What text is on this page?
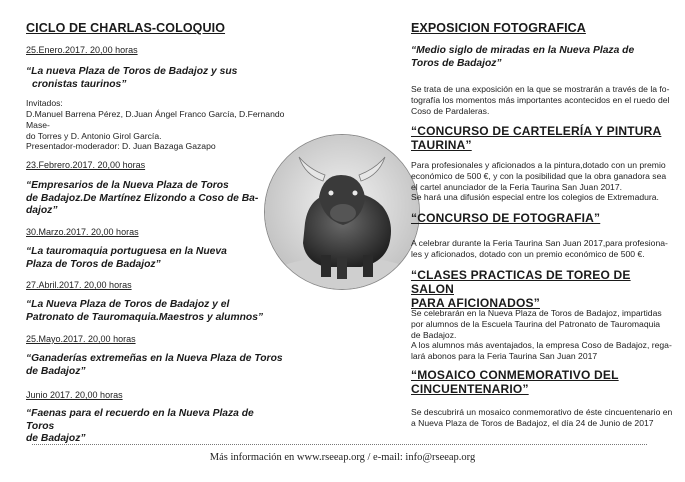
CICLO DE CHARLAS-COLOQUIO
25.Enero.2017. 20,00 horas
“La nueva Plaza de Toros de Badajoz y sus
cronistas taurinos”
Invitados:
D.Manuel Barrena Pérez, D.Juan Ángel Franco García, D.Fernando Mase-
do Torres y D. Antonio Girol García.
Presentador-moderador: D. Juan Bazaga Gazapo
23.Febrero.2017. 20,00 horas
“Empresarios de la Nueva Plaza de Toros
de Badajoz.De Martínez Elizondo a Coso de Ba-
dajoz”
30.Marzo.2017. 20,00 horas
“La tauromaquia portuguesa en la Nueva
Plaza de Toros de Badajoz”
27.Abril.2017. 20,00 horas
“La Nueva Plaza de Toros de Badajoz y el
Patronato de Tauromaquia.Maestros y alumnos”
25.Mayo.2017. 20,00 horas
“Ganaderías extremeñas en la Nueva Plaza de Toros
de Badajoz”
Junio 2017. 20,00 horas
“Faenas para el recuerdo en la Nueva Plaza de Toros
de Badajoz”
EXPOSICION FOTOGRAFICA
“Medio siglo de miradas en la Nueva Plaza de
Toros de Badajoz”
Se trata de una exposición en la que se mostrarán a través de la fo-
tografía los momentos más importantes acontecidos en el ruedo del
Coso de Pardaleras.
“CONCURSO DE CARTELERÍA Y PINTURA
TAURINA”
Para profesionales y aficionados a la pintura,dotado con un premio
económico de 500 €, y con la posibilidad que la obra ganadora sea
el cartel anunciador de la Feria Taurina San Juan 2017.
Se hará una difusión especial entre los colegios de Extremadura.
“CONCURSO DE FOTOGRAFIA”
A celebrar durante la Feria Taurina San Juan 2017,para profesiona-
les y aficionados, dotado con un premio económico de 500 €.
“CLASES PRACTICAS DE TOREO DE SALON
PARA AFICIONADOS”
Se celebrarán en la Nueva Plaza de Toros de Badajoz, impartidas
por alumnos de la Escuela Taurina del Patronato de Tauromaquia
de Badajoz.
A los alumnos más aventajados, la empresa Coso de Badajoz, rega-
lará abonos para la Feria Taurina San Juan 2017
“MOSAICO CONMEMORATIVO DEL
CINCUENTENARIO”
Se descubrirá un mosaico conmemorativo de éste cincuentenario en
a Nueva Plaza de Toros de Badajoz, el día 24 de Junio de 2017
Más información en www.rseeap.org / e-mail: info@rseeap.org
